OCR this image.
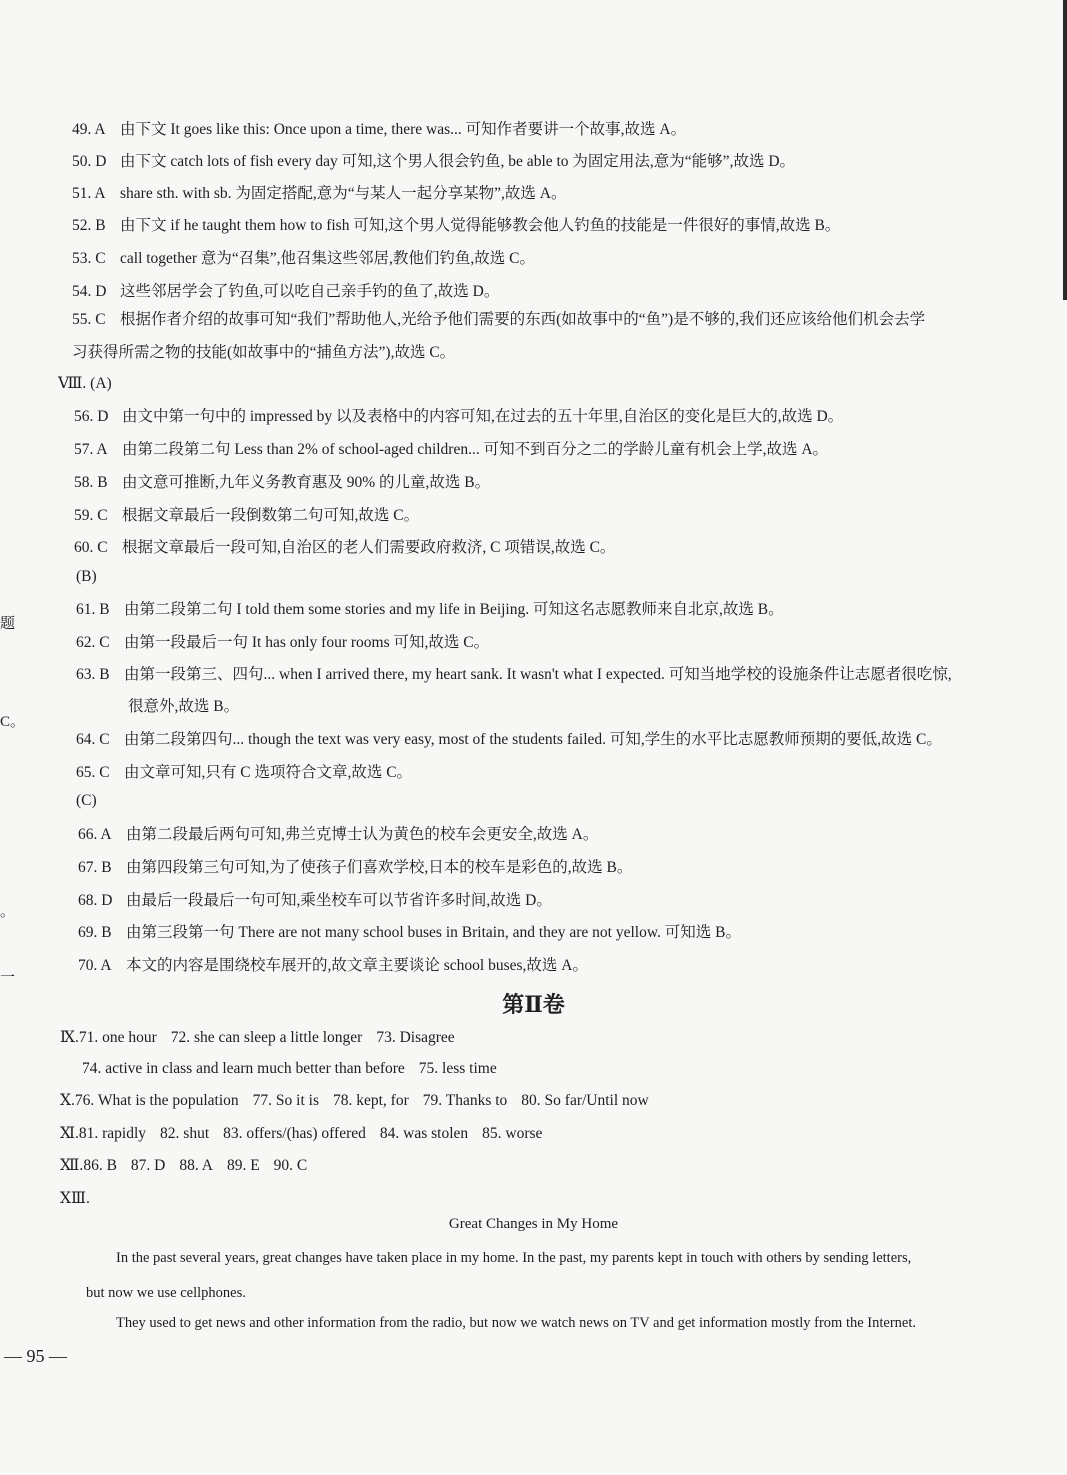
题
C。
。
一
49. A 由下文 It goes like this: Once upon a time, there was... 可知作者要讲一个故事,故选 A。
50. D 由下文 catch lots of fish every day 可知,这个男人很会钓鱼, be able to 为固定用法,意为“能够”,故选 D。
51. A share sth. with sb. 为固定搭配,意为“与某人一起分享某物”,故选 A。
52. B 由下文 if he taught them how to fish 可知,这个男人觉得能够教会他人钓鱼的技能是一件很好的事情,故选 B。
53. C call together 意为“召集”,他召集这些邻居,教他们钓鱼,故选 C。
54. D 这些邻居学会了钓鱼,可以吃自己亲手钓的鱼了,故选 D。
55. C 根据作者介绍的故事可知“我们”帮助他人,光给予他们需要的东西(如故事中的“鱼”)是不够的,我们还应该给他们机会去学
习获得所需之物的技能(如故事中的“捕鱼方法”),故选 C。
Ⅷ. (A)
56. D 由文中第一句中的 impressed by 以及表格中的内容可知,在过去的五十年里,自治区的变化是巨大的,故选 D。
57. A 由第二段第二句 Less than 2% of school-aged children... 可知不到百分之二的学龄儿童有机会上学,故选 A。
58. B 由文意可推断,九年义务教育惠及 90% 的儿童,故选 B。
59. C 根据文章最后一段倒数第二句可知,故选 C。
60. C 根据文章最后一段可知,自治区的老人们需要政府救济, C 项错误,故选 C。
(B)
61. B 由第二段第二句 I told them some stories and my life in Beijing. 可知这名志愿教师来自北京,故选 B。
62. C 由第一段最后一句 It has only four rooms 可知,故选 C。
63. B 由第一段第三、四句... when I arrived there, my heart sank. It wasn't what I expected. 可知当地学校的设施条件让志愿者很吃惊,
很意外,故选 B。
64. C 由第二段第四句... though the text was very easy, most of the students failed. 可知,学生的水平比志愿教师预期的要低,故选 C。
65. C 由文章可知,只有 C 选项符合文章,故选 C。
(C)
66. A 由第二段最后两句可知,弗兰克博士认为黄色的校车会更安全,故选 A。
67. B 由第四段第三句可知,为了使孩子们喜欢学校,日本的校车是彩色的,故选 B。
68. D 由最后一段最后一句可知,乘坐校车可以节省许多时间,故选 D。
69. B 由第三段第一句 There are not many school buses in Britain, and they are not yellow. 可知选 B。
70. A 本文的内容是围绕校车展开的,故文章主要谈论 school buses,故选 A。
第Ⅱ卷
Ⅸ.71. one hour 72. she can sleep a little longer 73. Disagree
74. active in class and learn much better than before 75. less time
Ⅹ.76. What is the population 77. So it is 78. kept, for 79. Thanks to 80. So far/Until now
Ⅺ.81. rapidly 82. shut 83. offers/(has) offered 84. was stolen 85. worse
Ⅻ.86. B 87. D 88. A 89. E 90. C
ⅩⅢ.
Great Changes in My Home
In the past several years, great changes have taken place in my home. In the past, my parents kept in touch with others by sending letters,
but now we use cellphones.
They used to get news and other information from the radio, but now we watch news on TV and get information mostly from the Internet.
— 95 —
